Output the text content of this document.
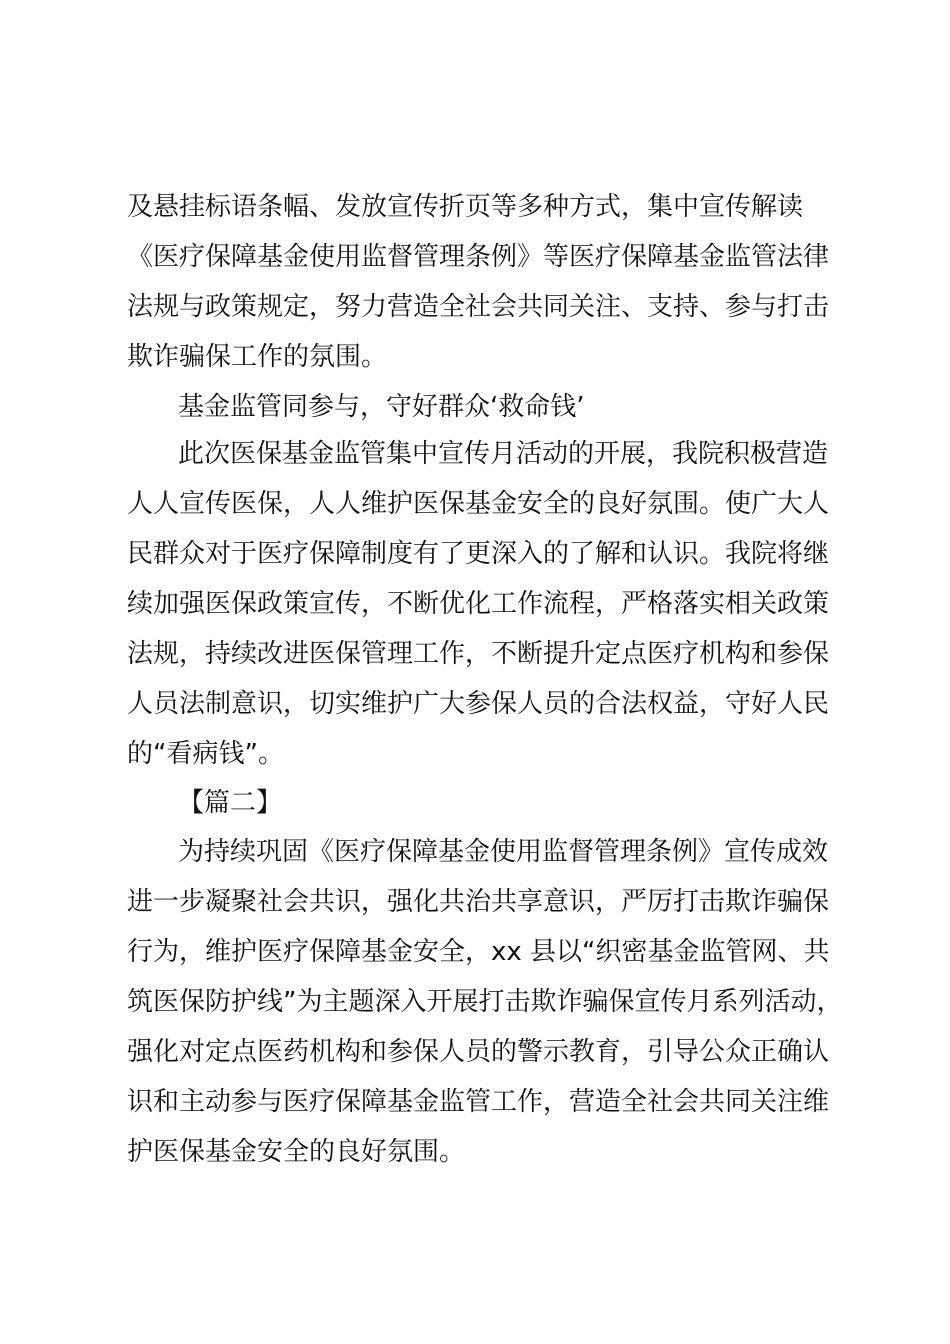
及悬挂标语条幅、发放宣传折页等多种方式，集中宣传解读
《医疗保障基金使用监督管理条例》等医疗保障基金监管法律
法规与政策规定，努力营造全社会共同关注、支持、参与打击
欺诈骗保工作的氛围。
基金监管同参与，守好群众‘救命钱’
此次医保基金监管集中宣传月活动的开展，我院积极营造
人人宣传医保，人人维护医保基金安全的良好氛围。使广大人
民群众对于医疗保障制度有了更深入的了解和认识。我院将继
续加强医保政策宣传，不断优化工作流程，严格落实相关政策
法规，持续改进医保管理工作，不断提升定点医疗机构和参保
人员法制意识，切实维护广大参保人员的合法权益，守好人民
的“看病钱”。
【篇二】
为持续巩固《医疗保障基金使用监督管理条例》宣传成效
进一步凝聚社会共识，强化共治共享意识，严厉打击欺诈骗保
行为，维护医疗保障基金安全，xx 县以“织密基金监管网、共
筑医保防护线”为主题深入开展打击欺诈骗保宣传月系列活动，
强化对定点医药机构和参保人员的警示教育，引导公众正确认
识和主动参与医疗保障基金监管工作，营造全社会共同关注维
护医保基金安全的良好氛围。
